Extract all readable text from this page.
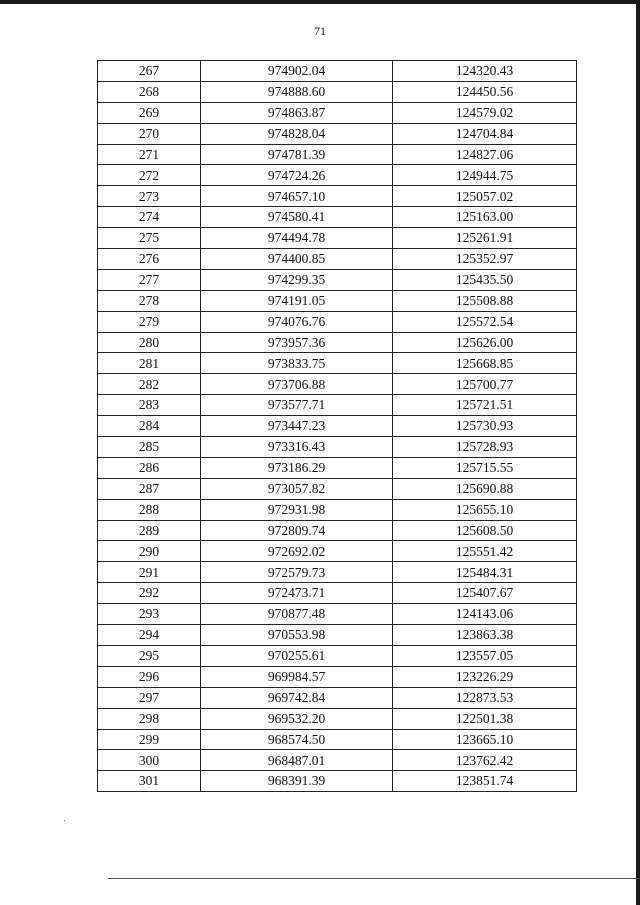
71
267	974902.04	124320.43
268	974888.60	124450.56
269	974863.87	124579.02
270	974828.04	124704.84
271	974781.39	124827.06
272	974724.26	124944.75
273	974657.10	125057.02
274	974580.41	125163.00
275	974494.78	125261.91
276	974400.85	125352.97
277	974299.35	125435.50
278	974191.05	125508.88
279	974076.76	125572.54
280	973957.36	125626.00
281	973833.75	125668.85
282	973706.88	125700.77
283	973577.71	125721.51
284	973447.23	125730.93
285	973316.43	125728.93
286	973186.29	125715.55
287	973057.82	125690.88
288	972931.98	125655.10
289	972809.74	125608.50
290	972692.02	125551.42
291	972579.73	125484.31
292	972473.71	125407.67
293	970877.48	124143.06
294	970553.98	123863.38
295	970255.61	123557.05
296	969984.57	123226.29
297	969742.84	122873.53
298	969532.20	122501.38
299	968574.50	123665.10
300	968487.01	123762.42
301	968391.39	123851.74
